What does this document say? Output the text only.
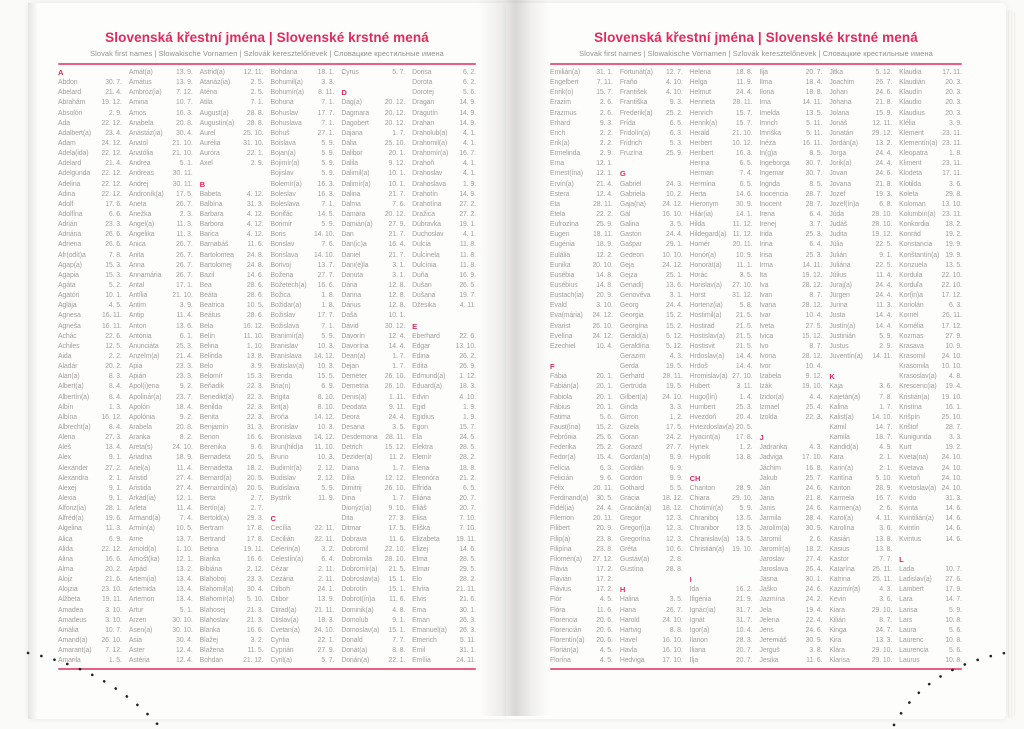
Slovenská křestní jména | Slovenské krstné mená
Slovak first names | Slowakische Vornamen | Szlovák keresztelőnevek | Словацкие крестильные имена
A
Abdon	30. 7.
Abelard	21. 4.
Abrahám 19. 12.
Absolón	2. 9.
Ada	22. 12.
Adalbert(a) 23. 4.
Adam	24. 12.
Adela(ida) 22. 12.
Adelard	21. 4.
Adelgunda 22. 12.
Adelina	22. 12.
Adina	22. 12.
Adolf	17. 6.
Adolfína	6. 6.
Adrián	23. 3.
Adriána	26. 6.
Adriena	26. 6.
Afr(odít)a	7. 8.
Agap(a)	15. 3.
Agapia	15. 3.
Agáta	5. 2.
Agatón	10. 1.
Aglája	4. 5.
Agnesa	16. 11.
Agneša	16. 11.
Achác	22. 6.
Achiles	12. 5.
Aida	2. 2.
Aladár	20. 2.
Alan(a)	8. 3.
Albert(a)	8. 4.
Albertín(a)	8. 4.
Albín	1. 3.
Albína	16. 12.
Albrecht(a)	8. 4.
Alena	27. 3.
Aleš	13. 4.
Alex	9. 1.
Alexander 27. 2.
Alexandra	2. 1.
Alexej	9. 1.
Alexia	9. 1.
Alfonz(ia)	28. 1.
Alfréd(a)	19. 6.
Algelina	11. 3.
Alica	6. 9.
Alida	22. 12.
Alina	16. 6.
Alma	20. 2.
Alojz	21. 6.
Alojzia	23. 10.
Alžbeta	19. 11.
Amadea	3. 10.
Amadeus	3. 10.
Amália	10. 7.
Amand(a) 26. 10.
Amarant(a) 7. 12.
Amarila	1. 5.
Amát(a)	13. 9.
Amátus	13. 9.
Ambróz(ia) 7. 12.
Amina	10. 7.
Amos	16. 3.
Anabela	20. 8.
Anastáz(ia) 30. 4.
Anatol	21. 10.
Anatólia	21. 10.
Andrea	5. 1.
Andreas	30. 11.
Andrej	30. 11.
Androník(a) 17. 5.
Aneta	26. 7.
Anežka	2. 3.
Angel(a)	11. 3.
Angelika	11. 3.
Anica	26. 7.
Anita	26. 7.
Anna	26. 7.
Annamária 26. 7.
Antal	17. 1.
Antília	21. 10.
Antim	3. 9.
Antip	11. 4.
Anton	13. 6.
Antónia	6. 1.
Anunciáta	25. 3.
Anzelm(a) 21. 4.
Apia	23. 3.
Apián	23. 3.
Apol(i)ena	9. 2.
Apolinár(a) 23. 7.
Apolón	18. 4.
Apolónia	9. 2.
Arabela	20. 8.
Aranka	8. 2.
Areta(s)	24. 10.
Ariadna	18. 9.
Ariel(a)	11. 4.
Aristid	27. 4.
Aristida	27. 4.
Arkád(ia)	12. 1.
Arleta	11. 4.
Armand(a)	7. 4.
Armín(a)	10. 5.
Arne	13. 7.
Arnold(a)	1. 10.
Arnošt(ka) 12. 1.
Arpád	13. 2.
Artem(ia)	13. 4.
Artemida	13. 4.
Artemon	13. 4.
Artur	5. 1.
Arzen	30. 10.
Asen(a)	30. 10.
Asia	30. 4.
Aster	12. 4.
Astéria	12. 4.
Astrid(a)	12. 11.
Atanáz(ia)	2. 5.
Aténa	2. 5.
Atila	7. 1.
August(a)	28. 8.
Augustín(a) 28. 8.
Aurel	25. 10.
Aurélia	31. 10.
Auróra	22. 1.
Axel	2. 9.
B
Babeta	4. 12.
Balbína	31. 3.
Barbara	4. 12.
Barbora	4. 12.
Barica	4. 12.
Barnabáš	11. 6.
Bartolomea 24. 8.
Bartolomej 24. 8.
Bazil	14. 6.
Bea	28. 6.
Beáta	28. 6.
Beatrica	10. 5.
Beátus	28. 6.
Bela	16. 12.
Belín	11. 10.
Belina	1. 10.
Belinda	13. 8.
Belo	3. 9.
Belomír	15. 3.
Beňadik	22. 3.
Benedikt(a) 22. 3.
Benilda	22. 3.
Benita	22. 3.
Benjamín	31. 3.
Benon	16. 6.
Berenika	9. 6.
Bernadeta 20. 5.
Bernadetta 18. 2.
Bernard(a) 20. 5.
Bernardín(a) 20. 5.
Berta	2. 7.
Bertín(a)	2. 7.
Bertold(a)	29. 3.
Bertram	17. 8.
Bertrand	17. 8.
Betina	19. 11.
Bianka	16. 6.
Bibiána	2. 12.
Blahoboj	23. 3.
Blahomil(a) 30. 4.
Blahomír(a) 5. 10.
Blahosej	21. 3.
Blahoslav	21. 3.
Blanka	16. 6.
Blažej	3. 2.
Blažena	11. 5.
Bohdan	21. 12.
Bohdana	18. 1.
Bohumil(a)	3. 3.
Bohumír(a) 8. 11.
Bohuna	7. 1.
Bohuslav	17. 7.
Bohuslava	7. 1.
Bohuš	27. 1.
Boislava	5. 9.
Bojan(a)	5. 9.
Bojimír(a)	5. 9.
Bojislav	5. 9.
Bolemír(a) 16. 3.
Boleslav	16. 3.
Boleslava	7. 1.
Bonifác	14. 5.
Borimír	5. 9.
Boris	14. 10.
Borislav	7. 6.
Borislava 14. 10.
Borivoj	13. 7.
Božena	27. 7.
Božetech(a) 16. 6.
Božica	1. 8.
Božidar(a)	1. 8.
Božislav	17. 7.
Božislava	7. 1.
Branimír(a)	5. 9.
Branislav	10. 3.
Branislava 14. 12.
Bratislav(a) 10. 3.
Brenda	15. 5.
Bria(n)	6. 9.
Brigita	8. 10.
Brit(a)	8. 10.
Broňa	14. 12.
Bronislav	10. 3.
Bronislava 14. 12.
Brun(hild)a 11. 10.
Bruno	10. 3.
Budimír(a) 2. 12.
Budislav	2. 12.
Budislava	5. 9.
Bystrík	11. 9.
C
Cecília	22. 11.
Cecilián	22. 11.
Celerín(a)	3. 2.
Celestín(a)	6. 4.
Cézar	2. 11.
Cezária	2. 11.
Ctiboh	24. 1.
Ctibor	13. 9.
Ctirad(a)	21. 11.
Ctislav(a)	18. 3.
Cvetan(a) 24. 10.
Cyntia	22. 1.
Cyprián	27. 9.
Cyril(a)	5. 7.
Cyrus	5. 7.
D
Dag(a)	20. 12.
Dagmara 20. 12.
Dagobert 20. 12.
Dajana	1. 7.
Dália	25. 10.
Dalibor	20. 1.
Dalila	9. 12.
Dalimil(a)	10. 1.
Dalimír(a)	10. 1.
Dalina	21. 7.
Dalma	7. 6.
Damara	20. 12.
Damián(a) 27. 9.
Dan	21. 7.
Dan(ic)a	16. 4.
Daniel	21. 7.
Dani(e)la	3. 1.
Danuta	3. 1.
Dária	12. 8.
Darina	12. 8.
Dárius	12. 8.
Daša	10. 1.
Dávid	30. 12.
Davorín	12. 4.
Davorína	14. 4.
Dean(a)	1. 7.
Dejan	1. 7.
Demeter	26. 10.
Demetria 26. 10.
Denis(a)	1. 11.
Deodata	9. 11.
Deora	24. 4.
Desana	3. 5.
Desdemona 28. 11.
Detrich	15. 12.
Dezider(a) 11. 2.
Diana	1. 7.
Dília	12. 12.
Dimitrij	26. 10.
Dina	1. 7.
Dionýz(ia) 9. 10.
Dita	27. 3.
Ditmar	17. 5.
Dobrava	11. 6.
Dobromil 22. 10.
Dobromila 28. 10.
Dobromír(a) 21. 5.
Dobroslav(a) 15. 1.
Dobrotín	15. 1.
Dobrot(ín)a 11. 6.
Dominik(a)	4. 8.
Domolub	9. 1.
Domoslav(a) 15. 1.
Donald	7. 7.
Donát(a)	8. 8.
Dorián(a)	22. 1.
Dorisa	6. 2.
Dorota	6. 2.
Dorotej	5. 6.
Dragan	14. 9.
Dragutín	14. 9.
Drahan	14. 9.
Draholub(a) 4. 1.
Drahomil(a) 4. 1.
Drahomír(a) 16. 7.
Drahoň	4. 1.
Drahoslav	4. 1.
Drahoslava 1. 9.
Drahotín	14. 9.
Drahotína	27. 2.
Dražica	27. 2.
Dúbravka	19. 1.
Duchoslav	4. 1.
Dulcia	11. 8.
Dulcinela	11. 8.
Dulcínia	11. 8.
Duňa	16. 9.
Dušan	26. 5.
Dušana	19. 7.
Džesika	4. 11.
E
Eberhard	22. 6.
Edgar	13. 10.
Edina	26. 2.
Edita	26. 9.
Edmund(a) 1. 12.
Eduard(a)	18. 3.
Edvin	4. 10.
Egid	1. 9.
Egidius	1. 9.
Egon	15. 7.
Ela	24. 5.
Elektra	28. 5.
Elemír	28. 2.
Elena	18. 8.
Eleonóra	21. 2.
Elfrída	6. 5.
Eliána	20. 7.
Eliáš	20. 7.
Elisa	7. 10.
Eliška	7. 10.
Elizabeta 19. 11.
Elizej	14. 6.
Elma	28. 5.
Elmar	29. 5.
Elo	28. 2.
Elvíra	21. 11.
Elvis	21. 6.
Ema	30. 1.
Eman	26. 3.
Emanuel(a) 26. 3.
Emerich	5. 11.
Emil	31. 1.
Emília	24. 11.
Slovenská křestní jména | Slovenské krstné mená
Slovak first names | Slowakische Vornamen | Szlovák keresztelőnevek | Словацкие крестильные имена
Emilián(a) 31. 1.
Engelbert	7. 11.
Enrik(o)	15. 7.
Erazim	2. 6.
Erazmus	2. 6.
Erhard	9. 3.
Erich	2. 2.
Erik(a)	2. 2.
Ermelinda	2. 9.
Erna	12. 1.
Ernest(ína) 12. 1.
Ervín(a)	21. 4.
Estera	12. 4.
Eta	28. 11.
Etela	22. 2.
Eufrozína	25. 9.
Eugen	18. 11.
Eugénia	18. 9.
Eulália	12. 2.
Eunika	20. 10.
Eusébia	14. 8.
Eusébius	14. 8.
Eustach(ia) 20. 9.
Evald	3. 10.
Eva(mária) 24. 12.
Evarist	26. 10.
Evelína	24. 12.
Ezechiel	10. 4.
F
Fábia	20. 1.
Fabián(a)	20. 1.
Fabiola	20. 1.
Fábius	20. 1.
Fatima	5. 6.
Faust(ína) 15. 2.
Febrónia	25. 6.
Federika	25. 2.
Fedor(a)	15. 4.
Felícia	6. 3.
Felicián	9. 6.
Félix	20. 11.
Ferdinand(a) 30. 5.
Fidél(ia)	24. 4.
Filemon	20. 11.
Filibert	20. 9.
Filip(a)	23. 8.
Filipína	23. 8.
Filomén(a) 27. 12.
Flávia	17. 2.
Flavián	17. 2.
Flávius	17. 2.
Flór	4. 5.
Flóra	11. 6.
Florencia	20. 6.
Florencián 20. 6.
Florentín(a) 20. 6.
Florián(a)	4. 5.
Florína	4. 5.
Fortunát(a) 12. 7.
Fraňo	4. 10.
František	4. 10.
Františka	9. 3.
Frederik(a) 25. 2.
Frída	6. 5.
Fridolín(a)	6. 3.
Fridrich	5. 3.
Fruzína	25. 9.
G
Gabriel	24. 3.
Gabriela	10. 2.
Gaja(na) 24. 12.
Gál	16. 10.
Galina	3. 5.
Gaston	24. 4.
Gašpar	29. 1.
Gedeon	10. 10.
Geja	24. 12.
Gejza	25. 1.
Genadij	13. 6.
Genovéva	3. 1.
Georg	24. 4.
Georgia	15. 2.
Georgína	15. 2.
Gerald(a)	5. 12.
Geraldína 5. 12.
Gerazim	4. 3.
Gerda	19. 5.
Gerhard	28. 11.
Gertrúda	19. 5.
Gilbert(a) 24. 10.
Ginda	3. 3.
Girron	1. 2.
Gizela	17. 5.
Goran	24. 2.
Gorazd	27. 7.
Gordan(a)	9. 9.
Gordián	9. 9.
Gordon	9. 9.
Gothard	5. 5.
Grácia	18. 12.
Gracián(a) 18. 12.
Gregor	12. 3.
Gregor(i)a 12. 3.
Gregorína 12. 3.
Gréta	10. 6.
Gustáv(a)	2. 8.
Gustína	28. 8.
H
Halina	3. 5.
Hana	26. 7.
Harold	24. 10.
Hartvig	8. 8.
Havel	16. 10.
Havla	16. 10.
Hedviga	17. 10.
Helena	18. 8.
Helga	11. 9.
Helmut	24. 4.
Henrieta	28. 11.
Henrich	15. 7.
Henrik(a)	15. 7.
Herald	21. 10.
Herbert	10. 12.
Heribert	16. 3.
Herina	6. 5.
Herman	7. 4.
Hermína	6. 5.
Herta	14. 6.
Hieronym	30. 9.
Hilár(ia)	14. 1.
Hilda	11. 12.
Hildegard(a) 11. 12.
Homér	20. 11.
Honór(a)	10. 9.
Honorát(a) 11. 1.
Horác	3. 5.
Horislav(a) 27. 10.
Horst	31. 12.
Hortenz(ia) 5. 8.
Hostimil(a) 21. 5.
Hostirad	21. 5.
Hostislav(a) 21. 5.
Hostisvit	21. 5.
Hrdoslav(a) 14. 4.
Hrdoš	14. 4.
Hromislav(a) 27. 10.
Hubert	3. 11.
Hugo(lín)	1. 4.
Humbert	25. 3.
Hvezdoň	20. 4.
Hviezdoslav(a) 20. 5.
Hyacint(a) 17. 8.
Hynek	1. 2.
Hypolit	13. 8.
CH
Chariton	28. 9.
Chiara	29. 10.
Chotimír(a) 5. 9.
Chraniboj	13. 5.
Chranibor 13. 5.
Chranislav(a) 13. 5.
Christián(a) 19. 10.
I
Ida	16. 2.
Ifigénia	21. 9.
Ignác(ia)	31. 7.
Ignát	31. 7.
Igor(a)	10. 4.
Ilarion	28. 3.
Iliana	20. 7.
Ilja	20. 7.
Ilja	20. 7.
Ilma	18. 4.
Ilona	18. 8.
Ima	14. 11.
Imelda	13. 5.
Imrich	5. 11.
Imriška	5. 11.
Inéza	16. 11.
In(g)a	8. 5.
Ingeborga 30. 7.
Ingemar	30. 7.
Ingrida	8. 5.
Inocencia	28. 7.
Inocent	28. 7.
Irena	6. 4.
Irenej	3. 7.
Irida	25. 3.
Irina	6. 4.
Irisa	25. 3.
Irma	14. 11.
Ita	19. 12.
Iva	28. 12.
Ivan	8. 7.
Ivana	28. 12.
Ivar	10. 4.
Iveta	27. 5.
Ivica	15. 12.
Ivo	8. 7.
Ivona	28. 12.
Ivor	10. 4.
Izabela	9. 12.
Izák	19. 10.
Izidor(a)	4. 4.
Izmael	25. 4.
Izolda	22. 3.
J
Jadranka	4. 3.
Jadviga	17. 10.
Jáchim	16. 8.
Jakub	25. 7.
Ján	24. 6.
Jana	21. 8.
Janis	24. 6.
Jarmila	28. 4.
Jarolím(a) 30. 9.
Jaromil	2. 6.
Jaromír(a) 18. 2.
Jaroslav	27. 4.
Jaroslava	26. 4.
Jasna	30. 1.
Jaško	24. 6.
Jazmína	24. 2.
Jela	19. 4.
Jelena	22. 4.
Jens	24. 6.
Jeremiáš	30. 9.
Jerguš	3. 8.
Jesika	11. 6.
Jitka	5. 12.
Joachim	26. 7.
Johan	24. 6.
Johana	21. 8.
Jolana	15. 9.
Jonáš	12. 11.
Jonatán	29. 12.
Jordán(a)	13. 2.
Jorga	24. 4.
Jorik(a)	24. 4.
Jovan	24. 6.
Jovana	21. 8.
Jozef	19. 3.
Jozef(ín)a	6. 8.
Júda	28. 10.
Judáš	28. 10.
Judita	19. 12.
Júlia	22. 5.
Julián	9. 1.
Juliána	22. 5.
Július	11. 4.
Juraj(a)	24. 4.
Jürgen	24. 4.
Jurina	11. 3.
Justa	14. 4.
Justín(a)	14. 4.
Justinián	5. 9.
Justus	2. 9.
Juventín(a) 14. 11.
K
Kaja	3. 6.
Kajetán(a)	7. 8.
Kalina	1. 7.
Kalist(a)	14. 10.
Kamil	14. 7.
Kamila	18. 7.
Kandid(a)	4. 9.
Kara	2. 1.
Karin(a)	2. 1.
Karitína	5. 10.
Kariton	28. 9.
Karmela	16. 7.
Karmen(a)	2. 6.
Karol(a)	4. 11.
Karolína	3. 6.
Kasián	13. 8.
Kasius	13. 8.
Kastor	7. 7.
Katarína	25. 11.
Katrina	25. 11.
Kazimír(a)	4. 3.
Kevin	3. 6.
Kiara	29. 10.
Kilián	8. 7.
Kinga	24. 7.
Kira	13. 3.
Klára	29. 10.
Klarisa	29. 10.
Klaudia	17. 11.
Klaudián	20. 3.
Klaudín	20. 3.
Klaudio	20. 3.
Klaudius	20. 3.
Klélia	3. 9.
Klement	23. 11.
Klementín(a) 23. 11.
Kleopatra	1. 8.
Kliment	23. 11.
Klodeta	17. 11.
Klotilda	3. 6.
Koleta	29. 8.
Koloman 13. 10.
Kolumbín(a) 23. 11.
Konkordia 18. 2.
Konrád	19. 2.
Konstancia 19. 9.
Konštantín(a) 19. 9.
Konzuela	13. 5.
Kordula	22. 10.
Korduľa	22. 10.
Kor(in)a	17. 12.
Koriolán	6. 3.
Kornel	26. 11.
Kornélia	17. 12.
Kozmas	27. 9.
Krasava	10. 9.
Krasomil 24. 10.
Krasomila 10. 10.
Krasoslav(a) 4. 8.
Krescenc(ia) 19. 4.
Kristián(a) 19. 10.
Kristína	16. 1.
Krišpín	25. 10.
Krištof	28. 7.
Kunigunda	3. 3.
Kurt	19. 2.
Kveta(na) 24. 10.
Kvetava	24. 10.
Kvetoň	24. 10.
Kvetoslav(a) 24. 10.
Kvído	31. 3.
Kvinta	14. 6.
Kvintilián(a) 14. 6.
Kvintín	14. 6.
Kvintus	14. 6.
L
Lada	10. 7.
Ladislav(a) 27. 6.
Lambert	17. 9.
Lara	14. 7.
Larisa	5. 9.
Lars	10. 8.
Laura	5. 6.
Laurenc	10. 8.
Laurencia	5. 6.
Laurus	10. 8.
